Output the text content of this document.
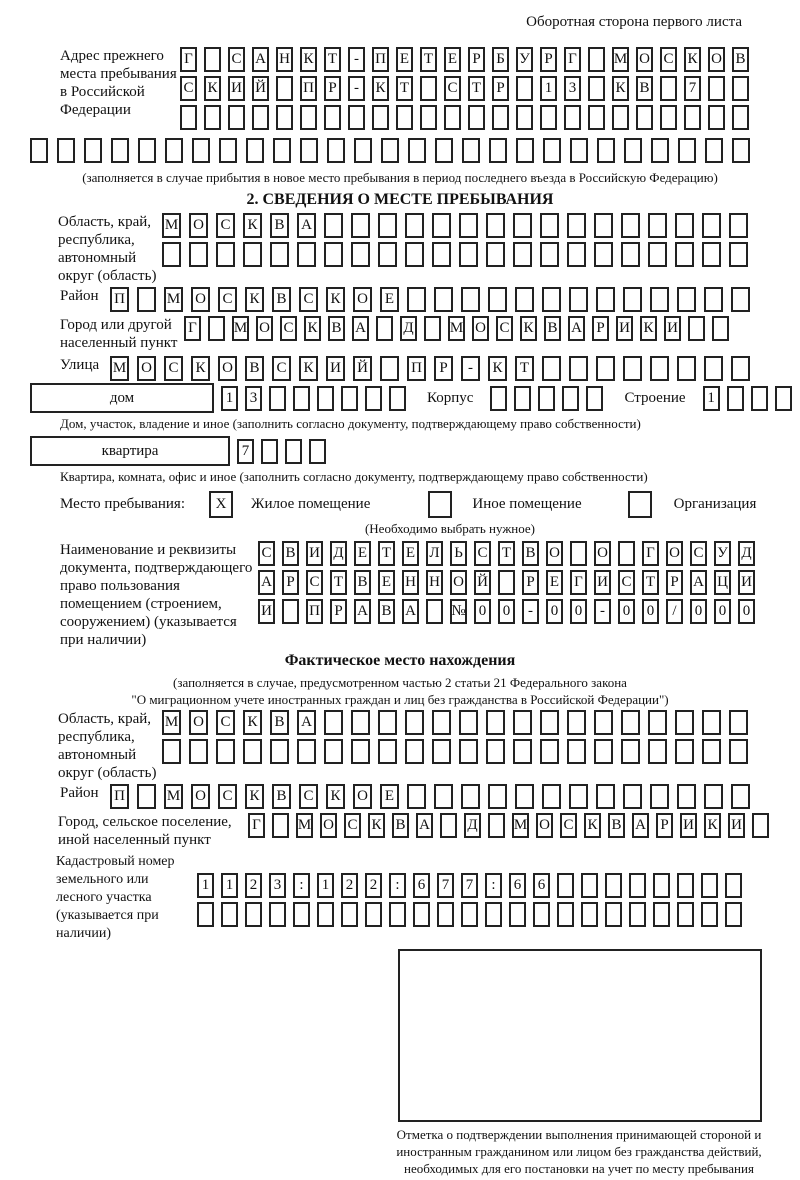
Оборотная сторона первого листа
Адрес прежнего места пребывания в Российской Федерации
Г	С А Н К Т	-	П Е Т Е Р Б У Р Г М О С К О В
С К И Й П Р	-	К Т	С Т Р	1	3	К В	7
(заполняется в случае прибытия в новое место пребывания в период последнего въезда в Российскую Федерацию)
2. СВЕДЕНИЯ О МЕСТЕ ПРЕБЫВАНИЯ
Область, край, республика, автономный округ (область)
М О С	К	В	А
Район	П	М О С	К	В	С	К	О	Е
Город или другой населенный пункт
Г М О С К В А Д М О С К В А Р И К И
Улица М О С	К	О В	С	К	И Й	П	Р	-	К	Т
дом	1	3	Корпус	Строение	1
Дом, участок, владение и иное (заполнить согласно документу, подтверждающему право собственности)
квартира	7
Квартира, комната, офис и иное (заполнить согласно документу, подтверждающему право собственности)
Место пребывания:	X	Жилое помещение	Иное помещение	Организация
(Необходимо выбрать нужное)
Наименование и реквизиты документа, подтверждающего право пользования помещением (строением, сооружением) (указывается при наличии)
С В И Д Е Т Е Л Ь С Т В О О	Г О С У Д
А Р С Т В Е Н Н О Й	Р Е Г И С Т Р А Ц И
И П Р А В А № 0	0	-	0	0	-	0	0	/	0	0	0
Фактическое место нахождения
(заполняется в случае, предусмотренном частью 2 статьи 21 Федерального закона
"О миграционном учете иностранных граждан и лиц без гражданства в Российской Федерации")
Область, край, республика, автономный округ (область)
М О С	К	В	А
Район	П	М О С	К	В	С	К	О	Е
Город, сельское поселение, иной населенный пункт
Г М О С К В А Д М О С К В А Р И К И
Кадастровый номер земельного или лесного участка (указывается при наличии)
1	1	2	3	:	1	2	2	:	6	7	7	:	6	6
Отметка о подтверждении выполнения принимающей стороной и иностранным гражданином или лицом без гражданства действий, необходимых для его постановки на учет по месту пребывания
